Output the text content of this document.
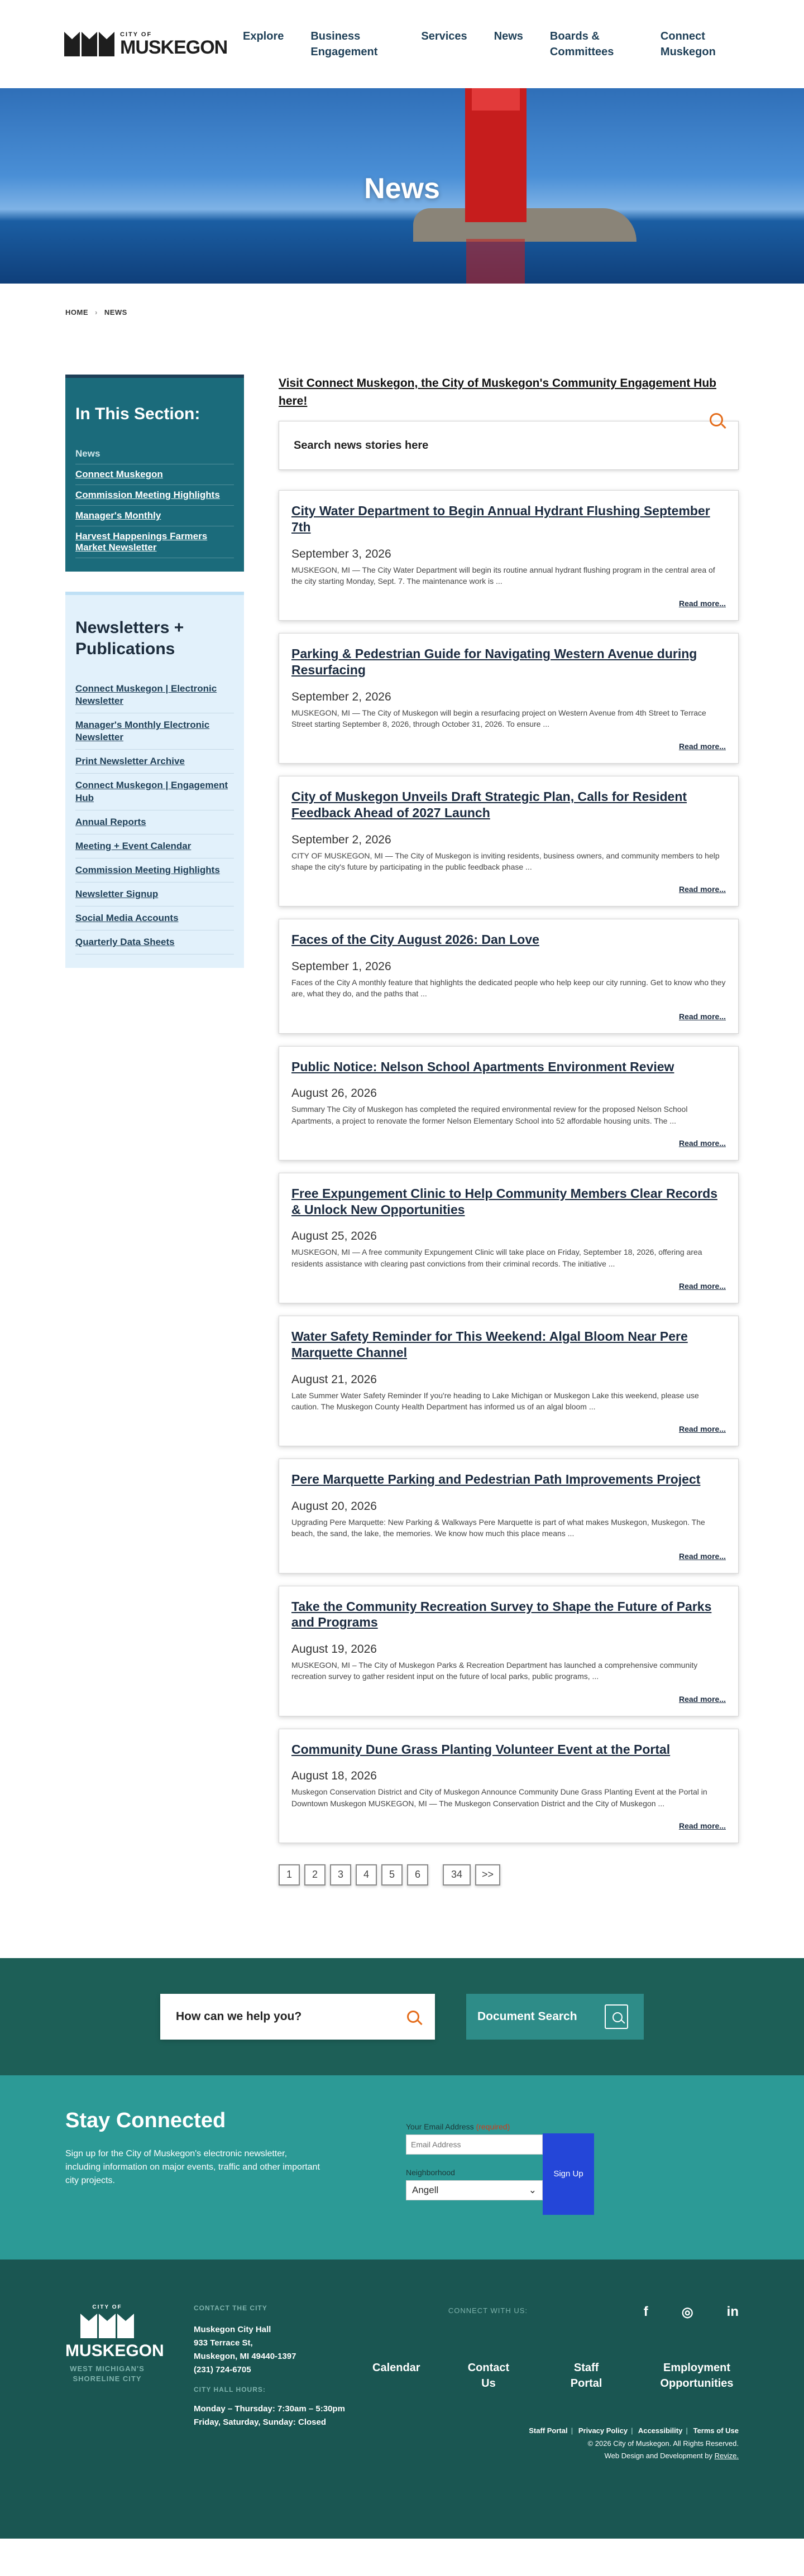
CITY OF
MUSKEGON
Explore Business Engagement
Services News Boards & Committees
Connect Muskegon
News
HOME › NEWS
In This Section:
News
Connect Muskegon
Commission Meeting Highlights
Manager's Monthly
Harvest Happenings Farmers Market Newsletter
Newsletters + Publications
Connect Muskegon | Electronic Newsletter
Manager's Monthly Electronic Newsletter
Print Newsletter Archive
Connect Muskegon | Engagement Hub
Annual Reports
Meeting + Event Calendar
Commission Meeting Highlights
Newsletter Signup
Social Media Accounts
Quarterly Data Sheets
Visit Connect Muskegon, the City of Muskegon's Community Engagement Hub here!
Search news stories here
City Water Department to Begin Annual Hydrant Flushing September 7th
September 3, 2026
MUSKEGON, MI — The City Water Department will begin its routine annual hydrant flushing program in the central area of the city starting Monday, Sept. 7. The maintenance work is ...
Read more...
Parking & Pedestrian Guide for Navigating Western Avenue during Resurfacing
September 2, 2026
MUSKEGON, MI — The City of Muskegon will begin a resurfacing project on Western Avenue from 4th Street to Terrace Street starting September 8, 2026, through October 31, 2026. To ensure ...
Read more...
City of Muskegon Unveils Draft Strategic Plan, Calls for Resident Feedback Ahead of 2027 Launch
September 2, 2026
CITY OF MUSKEGON, MI — The City of Muskegon is inviting residents, business owners, and community members to help shape the city's future by participating in the public feedback phase ...
Read more...
Faces of the City August 2026: Dan Love
September 1, 2026
Faces of the City A monthly feature that highlights the dedicated people who help keep our city running. Get to know who they are, what they do, and the paths that ...
Read more...
Public Notice: Nelson School Apartments Environment Review
August 26, 2026
Summary The City of Muskegon has completed the required environmental review for the proposed Nelson School Apartments, a project to renovate the former Nelson Elementary School into 52 affordable housing units. The ...
Read more...
Free Expungement Clinic to Help Community Members Clear Records & Unlock New Opportunities
August 25, 2026
MUSKEGON, MI — A free community Expungement Clinic will take place on Friday, September 18, 2026, offering area residents assistance with clearing past convictions from their criminal records. The initiative ...
Read more...
Water Safety Reminder for This Weekend: Algal Bloom Near Pere Marquette Channel
August 21, 2026
Late Summer Water Safety Reminder If you're heading to Lake Michigan or Muskegon Lake this weekend, please use caution. The Muskegon County Health Department has informed us of an algal bloom ...
Read more...
Pere Marquette Parking and Pedestrian Path Improvements Project
August 20, 2026
Upgrading Pere Marquette: New Parking & Walkways Pere Marquette is part of what makes Muskegon, Muskegon. The beach, the sand, the lake, the memories. We know how much this place means ...
Read more...
Take the Community Recreation Survey to Shape the Future of Parks and Programs
August 19, 2026
MUSKEGON, MI – The City of Muskegon Parks & Recreation Department has launched a comprehensive community recreation survey to gather resident input on the future of local parks, public programs, ...
Read more...
Community Dune Grass Planting Volunteer Event at the Portal
August 18, 2026
Muskegon Conservation District and City of Muskegon Announce Community Dune Grass Planting Event at the Portal in Downtown Muskegon MUSKEGON, MI — The Muskegon Conservation District and the City of Muskegon ...
Read more...
1	2	3	4	5	6	34	>>
How can we help you?
Document Search
Stay Connected
Sign up for the City of Muskegon's electronic newsletter, including information on major events, traffic and other important city projects.
Your Email Address (required)
Email Address
Neighborhood
Angell	⌄
Sign Up
CITY OF
MUSKEGON
WEST MICHIGAN'S SHORELINE CITY
CONTACT THE CITY
Muskegon City Hall
933 Terrace St,
Muskegon, MI 49440-1397
(231) 724-6705
CITY HALL HOURS:
Monday – Thursday: 7:30am – 5:30pm
Friday, Saturday, Sunday: Closed
CONNECT WITH US:	f	◎	in
Calendar	Contact Us
Staff Portal
Employment Opportunities
Staff Portal | Privacy Policy | Accessibility | Terms of Use
© 2026 City of Muskegon. All Rights Reserved.
Web Design and Development by Revize.
